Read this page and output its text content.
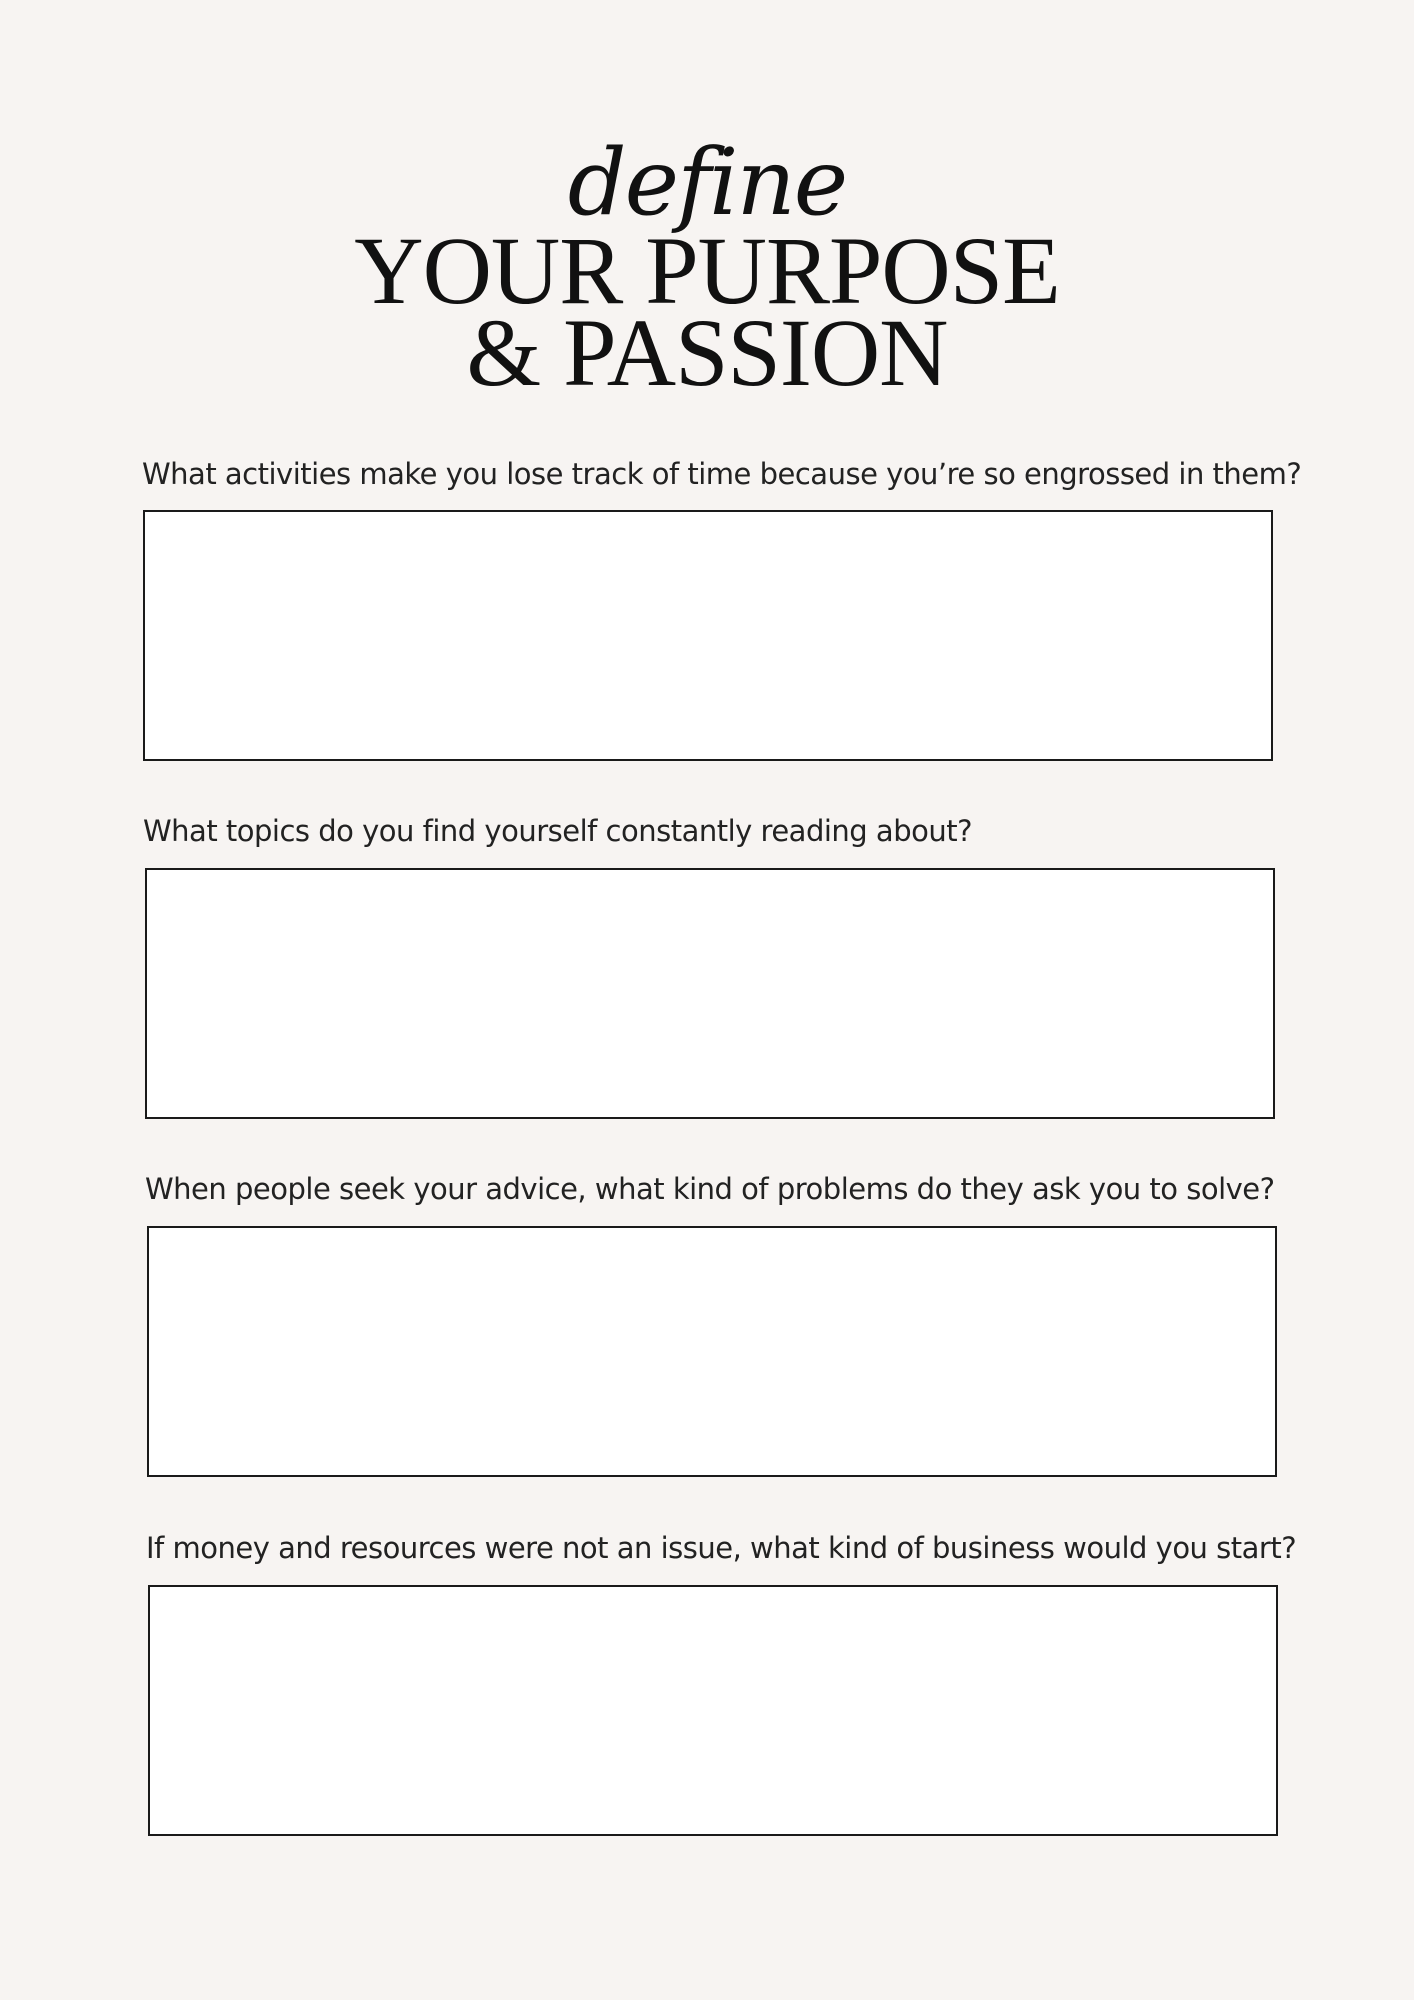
define
YOUR PURPOSE
& PASSION
What activities make you lose track of time because you’re so engrossed in them?
What topics do you find yourself constantly reading about?
When people seek your advice, what kind of problems do they ask you to solve?
If money and resources were not an issue, what kind of business would you start?
